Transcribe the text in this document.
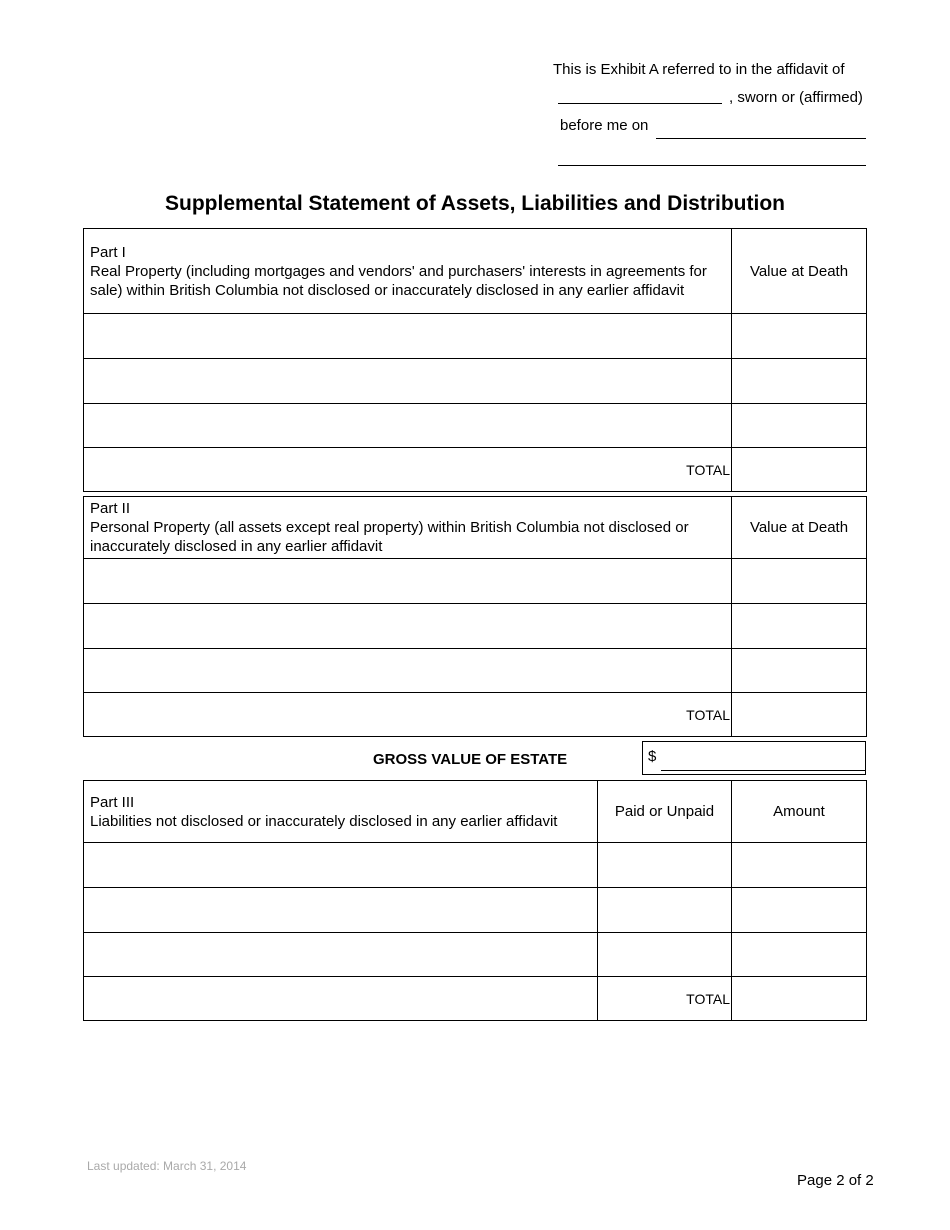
This is Exhibit A referred to in the affidavit of
, sworn or (affirmed)
before me on
Supplemental Statement of Assets, Liabilities and Distribution
Part I
Real Property (including mortgages and vendors' and purchasers' interests in agreements for sale) within British Columbia not disclosed or inaccurately disclosed in any earlier affidavit	Value at Death

TOTAL	
Part II
Personal Property (all assets except real property) within British Columbia not disclosed or inaccurately disclosed in any earlier affidavit	Value at Death

TOTAL	
GROSS VALUE OF ESTATE	$
Part III
Liabilities not disclosed or inaccurately disclosed in any earlier affidavit	Paid or Unpaid	Amount

	TOTAL	
Last updated: March 31, 2014
Page 2 of 2
